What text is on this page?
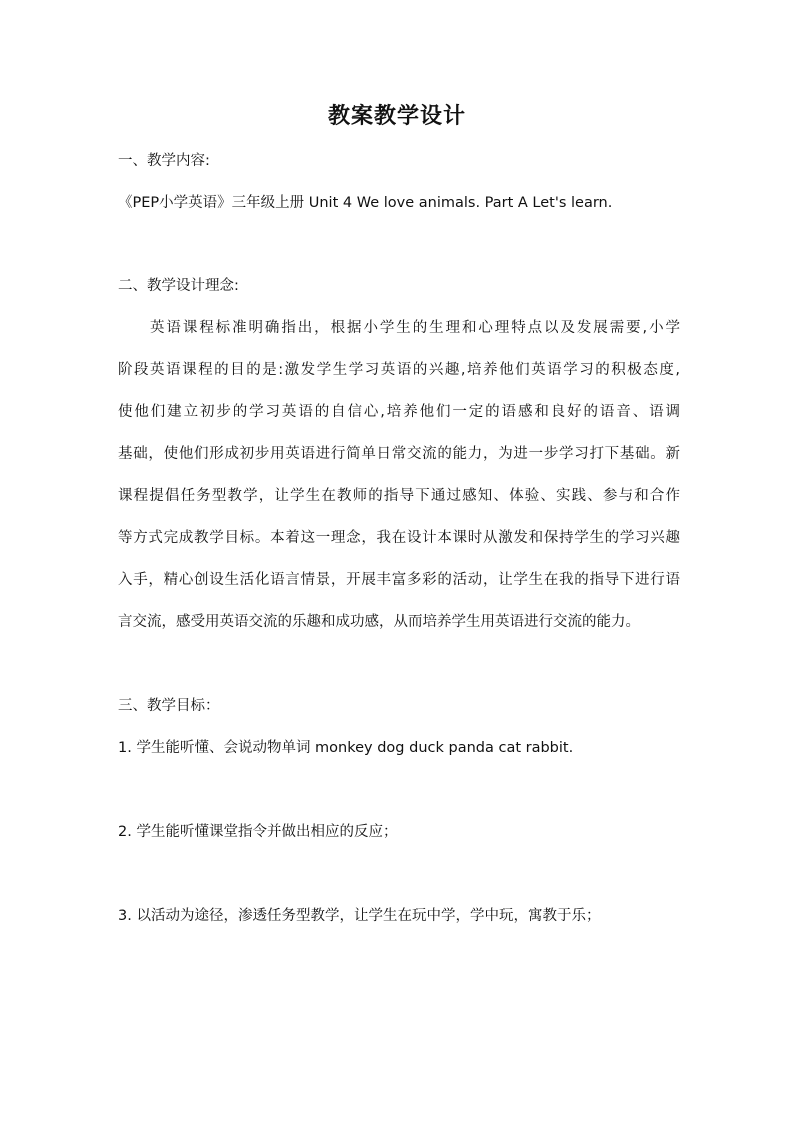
教案教学设计
一、教学内容:
《PEP小学英语》三年级上册 Unit 4 We love animals. Part A Let's learn.
二、教学设计理念:
英语课程标准明确指出，根据小学生的生理和心理特点以及发展需要,小学
阶段英语课程的目的是:激发学生学习英语的兴趣,培养他们英语学习的积极态度,
使他们建立初步的学习英语的自信心,培养他们一定的语感和良好的语音、语调
基础，使他们形成初步用英语进行简单日常交流的能力，为进一步学习打下基础。新
课程提倡任务型教学，让学生在教师的指导下通过感知、体验、实践、参与和合作
等方式完成教学目标。本着这一理念，我在设计本课时从激发和保持学生的学习兴趣
入手，精心创设生活化语言情景，开展丰富多彩的活动，让学生在我的指导下进行语
言交流，感受用英语交流的乐趣和成功感，从而培养学生用英语进行交流的能力。
三、教学目标：
1. 学生能听懂、会说动物单词 monkey dog duck panda cat rabbit.
2. 学生能听懂课堂指令并做出相应的反应；
3. 以活动为途径，渗透任务型教学，让学生在玩中学，学中玩，寓教于乐；
